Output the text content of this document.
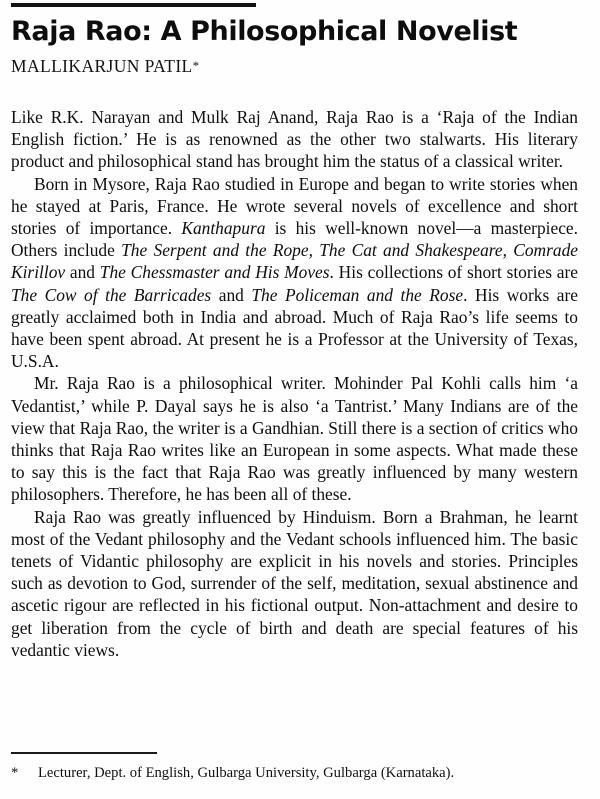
Raja Rao: A Philosophical Novelist
MALLIKARJUN PATIL*

Like R.K. Narayan and Mulk Raj Anand, Raja Rao is a ‘Raja of the Indian English fiction.’ He is as renowned as the other two stalwarts. His literary product and philosophical stand has brought him the status of a classical writer.

Born in Mysore, Raja Rao studied in Europe and began to write stories when he stayed at Paris, France. He wrote several novels of excellence and short stories of importance. Kanthapura is his well-known novel—a masterpiece. Others include The Serpent and the Rope, The Cat and Shakespeare, Comrade Kirillov and The Chessmaster and His Moves. His collections of short stories are The Cow of the Barricades and The Policeman and the Rose. His works are greatly acclaimed both in India and abroad. Much of Raja Rao’s life seems to have been spent abroad. At present he is a Professor at the University of Texas, U.S.A.

Mr. Raja Rao is a philosophical writer. Mohinder Pal Kohli calls him ‘a Vedantist,’ while P. Dayal says he is also ‘a Tantrist.’ Many Indians are of the view that Raja Rao, the writer is a Gandhian. Still there is a section of critics who thinks that Raja Rao writes like an European in some aspects. What made these to say this is the fact that Raja Rao was greatly influenced by many western philosophers. Therefore, he has been all of these.

Raja Rao was greatly influenced by Hinduism. Born a Brahman, he learnt most of the Vedant philosophy and the Vedant schools influenced him. The basic tenets of Vidantic philosophy are explicit in his novels and stories. Principles such as devotion to God, surrender of the self, meditation, sexual abstinence and ascetic rigour are reflected in his fictional output. Non-attachment and desire to get liberation from the cycle of birth and death are special features of his vedantic views.

*	Lecturer, Dept. of English, Gulbarga University, Gulbarga (Karnataka).
